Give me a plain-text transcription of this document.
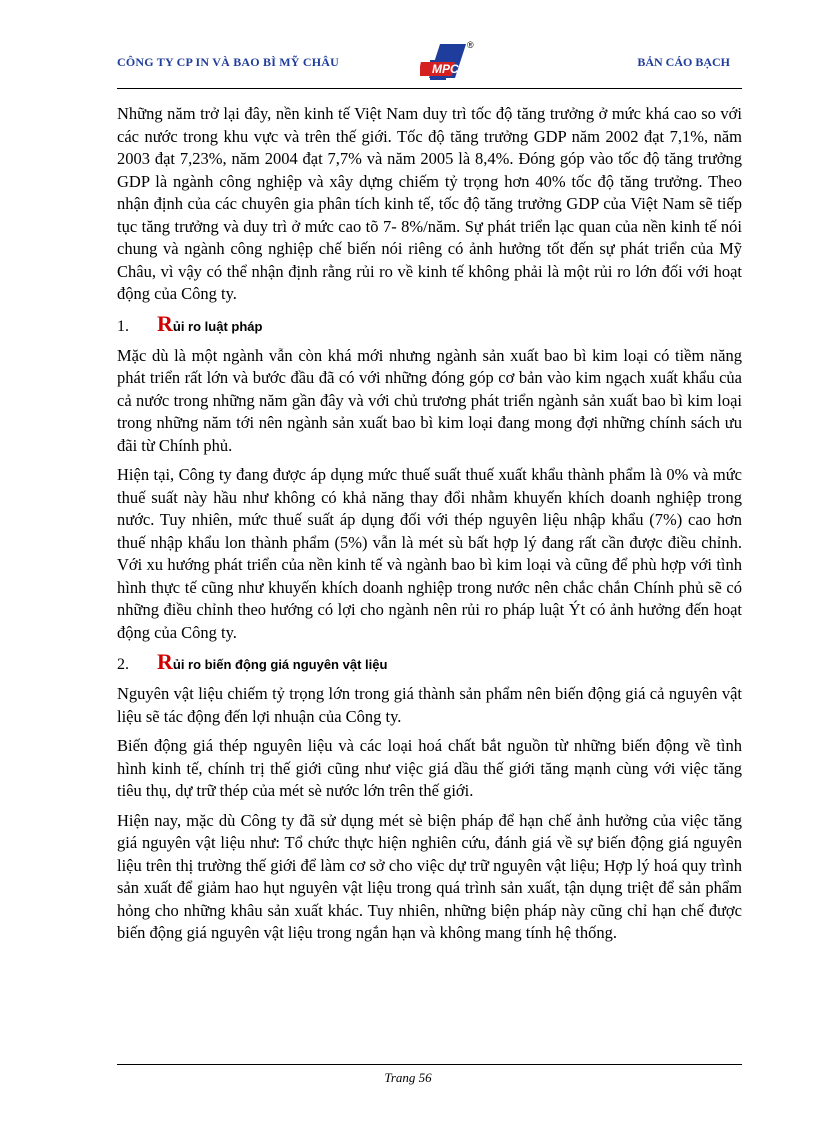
CÔNG TY CP IN VÀ BAO BÌ MỸ CHÂU	MPC
®
BẢN CÁO BẠCH

Những năm trở lại đây, nền kinh tế Việt Nam duy trì tốc độ tăng trưởng ở mức khá cao so với các nước trong khu vực và trên thế giới. Tốc độ tăng trưởng GDP năm 2002 đạt 7,1%, năm 2003 đạt 7,23%, năm 2004 đạt 7,7% và năm 2005 là 8,4%. Đóng góp vào tốc độ tăng trưởng GDP là ngành công nghiệp và xây dựng chiếm tỷ trọng hơn 40% tốc độ tăng trưởng. Theo nhận định của các chuyên gia phân tích kinh tế, tốc độ tăng trưởng GDP của Việt Nam sẽ tiếp tục tăng trưởng và duy trì ở mức cao tõ 7- 8%/năm. Sự phát triển lạc quan của nền kinh tế nói chung và ngành công nghiệp chế biến nói riêng có ảnh hưởng tốt đến sự phát triển của Mỹ Châu, vì vậy có thể nhận định rằng rủi ro về kinh tế không phải là một rủi ro lớn đối với hoạt động của Công ty.

1.	R ủi ro luật pháp

Mặc dù là một ngành vẫn còn khá mới nhưng ngành sản xuất bao bì kim loại có tiềm năng phát triển rất lớn và bước đầu đã có với những đóng góp cơ bản vào kim ngạch xuất khẩu của cả nước trong những năm gần đây và với chủ trương phát triển ngành sản xuất bao bì kim loại trong những năm tới nên ngành sản xuất bao bì kim loại đang mong đợi những chính sách ưu đãi từ Chính phủ.

Hiện tại, Công ty đang được áp dụng mức thuế suất thuế xuất khẩu thành phẩm là 0% và mức thuế suất này hầu như không có khả năng thay đổi nhằm khuyến khích doanh nghiệp trong nước. Tuy nhiên, mức thuế suất áp dụng đối với thép nguyên liệu nhập khẩu (7%) cao hơn thuế nhập khẩu lon thành phẩm (5%) vẫn là mét sù bất hợp lý đang rất cần được điều chỉnh. Với xu hướng phát triển của nền kinh tế và ngành bao bì kim loại và cũng để phù hợp với tình hình thực tế cũng như khuyến khích doanh nghiệp trong nước nên chắc chắn Chính phủ sẽ có những điều chỉnh theo hướng có lợi cho ngành nên rủi ro pháp luật Ýt có ảnh hưởng đến hoạt động của Công ty.

2.	R ủi ro biến động giá nguyên vật liệu

Nguyên vật liệu chiếm tỷ trọng lớn trong giá thành sản phẩm nên biến động giá cả nguyên vật liệu sẽ tác động đến lợi nhuận của Công ty.

Biến động giá thép nguyên liệu và các loại hoá chất bắt nguồn từ những biến động về tình hình kinh tế, chính trị thế giới cũng như việc giá dầu thế giới tăng mạnh cùng với việc tăng tiêu thụ, dự trữ thép của mét sè nước lớn trên thế giới.

Hiện nay, mặc dù Công ty đã sử dụng mét sè biện pháp để hạn chế ảnh hưởng của việc tăng giá nguyên vật liệu như: Tổ chức thực hiện nghiên cứu, đánh giá về sự biến động giá nguyên liệu trên thị trường thế giới để làm cơ sở cho việc dự trữ nguyên vật liệu; Hợp lý hoá quy trình sản xuất để giảm hao hụt nguyên vật liệu trong quá trình sản xuất, tận dụng triệt để sản phẩm hỏng cho những khâu sản xuất khác. Tuy nhiên, những biện pháp này cũng chỉ hạn chế được biến động giá nguyên vật liệu trong ngắn hạn và không mang tính hệ thống.

Trang 56
